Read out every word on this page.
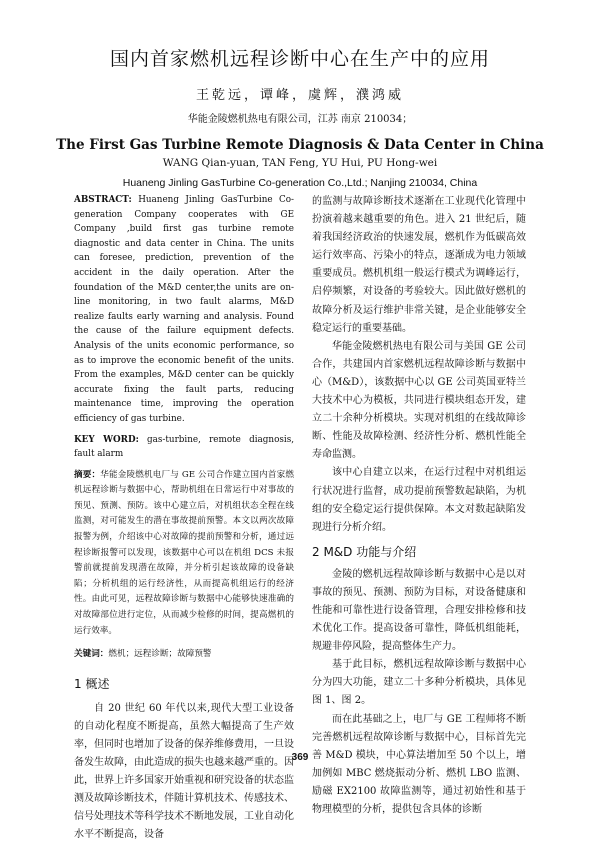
国内首家燃机远程诊断中心在生产中的应用
王乾远，谭峰，虞辉，濮鸿威
华能金陵燃机热电有限公司，江苏 南京 210034；
The First Gas Turbine Remote Diagnosis & Data Center in China
WANG Qian-yuan, TAN Feng, YU Hui, PU Hong-wei
Huaneng Jinling GasTurbine Co-generation Co.,Ltd.; Nanjing 210034, China

ABSTRACT: Huaneng Jinling GasTurbine Co-generation Company cooperates with GE Company ,build first gas turbine remote diagnostic and data center in China. The units can foresee, prediction, prevention of the accident in the daily operation. After the foundation of the M&D center,the units are on-line monitoring, in two fault alarms, M&D realize faults early warning and analysis. Found the cause of the failure equipment defects. Analysis of the units economic performance, so as to improve the economic benefit of the units. From the examples, M&D center can be quickly accurate fixing the fault parts, reducing maintenance time, improving the operation efficiency of gas turbine.

KEY WORD: gas-turbine, remote diagnosis, fault alarm

摘要：华能金陵燃机电厂与 GE 公司合作建立国内首家燃机远程诊断与数据中心，帮助机组在日常运行中对事故的预见、预测、预防。该中心建立后，对机组状态全程在线监测，对可能发生的潜在事故提前预警。本文以两次故障报警为例，介绍该中心对故障的提前预警和分析，通过远程诊断报警可以发现，该数据中心可以在机组 DCS 未报警前就提前发现潜在故障，并分析引起该故障的设备缺陷；分析机组的运行经济性，从而提高机组运行的经济性。由此可见，远程故障诊断与数据中心能够快速准确的对故障部位进行定位，从而减少检修的时间，提高燃机的运行效率。

关键词：燃机；远程诊断；故障预警

1 概述

自 20 世纪 60 年代以来,现代大型工业设备的自动化程度不断提高，虽然大幅提高了生产效率，但同时也增加了设备的保养维修费用，一旦设备发生故障，由此造成的损失也越来越严重的。因此，世界上许多国家开始重视和研究设备的状态监测及故障诊断技术，伴随计算机技术、传感技术、信号处理技术等科学技术不断地发展，工业自动化水平不断提高，设备

的监测与故障诊断技术逐渐在工业现代化管理中扮演着越来越重要的角色。进入 21 世纪后，随着我国经济政治的快速发展，燃机作为低碳高效运行效率高、污染小的特点，逐渐成为电力领域重要成员。燃机机组一般运行模式为调峰运行，启停频繁，对设备的考验较大。因此做好燃机的故障分析及运行维护非常关键，是企业能够安全稳定运行的重要基础。

华能金陵燃机热电有限公司与美国 GE 公司合作，共建国内首家燃机远程故障诊断与数据中心（M&D），该数据中心以 GE 公司英国亚特兰大技术中心为模板，共同进行模块组态开发，建立二十余种分析模块。实现对机组的在线故障诊断、性能及故障检测、经济性分析、燃机性能全寿命监测。

该中心自建立以来，在运行过程中对机组运行状况进行监督，成功提前预警数起缺陷，为机组的安全稳定运行提供保障。本文对数起缺陷发现进行分析介绍。

2 M&D 功能与介绍

金陵的燃机远程故障诊断与数据中心是以对事故的预见、预测、预防为目标，对设备健康和性能和可靠性进行设备管理，合理安排检修和技术优化工作。提高设备可靠性，降低机组能耗，规避非停风险，提高整体生产力。

基于此目标，燃机远程故障诊断与数据中心分为四大功能，建立二十多种分析模块，具体见图 1、图 2。

而在此基础之上，电厂与 GE 工程师将不断完善燃机远程故障诊断与数据中心，目标首先完善 M&D 模块，中心算法增加至 50 个以上，增加例如 MBC 燃烧振动分析、燃机 LBO 监测、励磁 EX2100 故障监测等，通过初始性和基于物理模型的分析，提供包含具体的诊断

369
